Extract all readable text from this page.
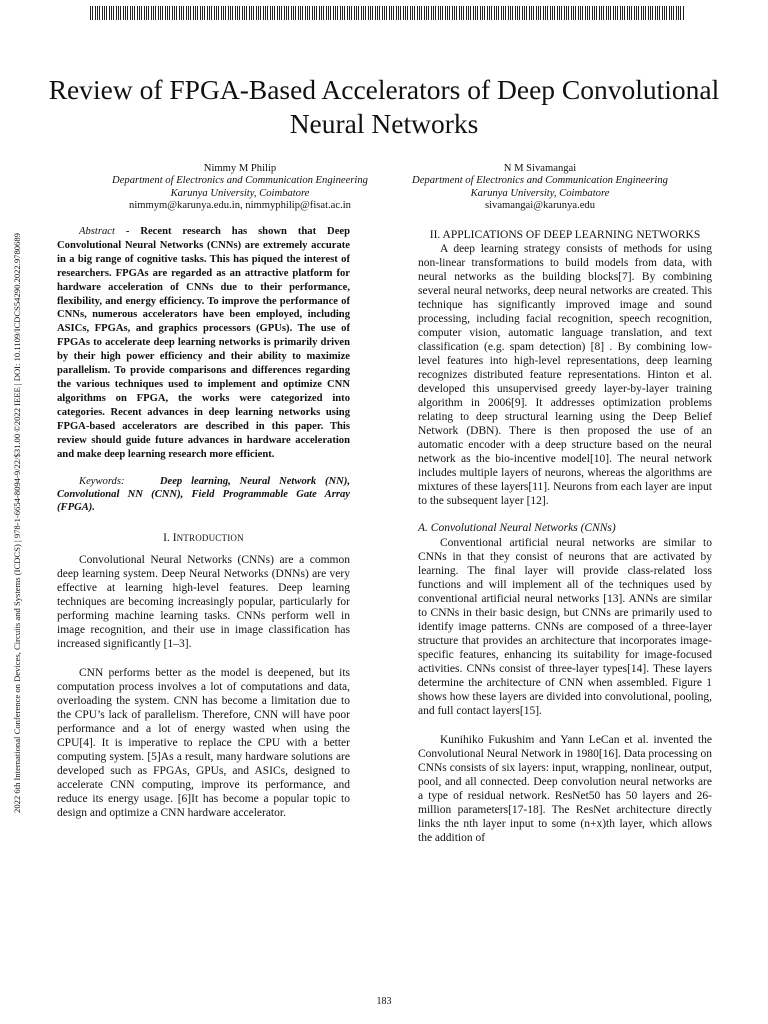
2022 6th International Conference on Devices, Circuits and Systems (ICDCS) | 978-1-6654-8094-9/22/$31.00 ©2022 IEEE | DOI: 10.1109/ICDCS54290.2022.9780689
Review of FPGA-Based Accelerators of Deep Convolutional Neural Networks
Nimmy M Philip
Department of Electronics and Communication Engineering
Karunya University, Coimbatore
nimmym@karunya.edu.in, nimmyphilip@fisat.ac.in
N M Sivamangai
Department of Electronics and Communication Engineering
Karunya University, Coimbatore
sivamangai@karunya.edu

Abstract - Recent research has shown that Deep Convolutional Neural Networks (CNNs) are extremely accurate in a big range of cognitive tasks. This has piqued the interest of researchers. FPGAs are regarded as an attractive platform for hardware acceleration of CNNs due to their performance, flexibility, and energy efficiency. To improve the performance of CNNs, numerous accelerators have been employed, including ASICs, FPGAs, and graphics processors (GPUs). The use of FPGAs to accelerate deep learning networks is primarily driven by their high power efficiency and their ability to maximize parallelism. To provide comparisons and differences regarding the various techniques used to implement and optimize CNN algorithms on FPGA, the works were categorized into categories. Recent advances in deep learning networks using FPGA-based accelerators are described in this paper. This review should guide future advances in hardware acceleration and make deep learning research more efficient.

Keywords:	Deep learning, Neural Network (NN), Convolutional NN (CNN), Field Programmable Gate Array (FPGA).

I. INTRODUCTION

Convolutional Neural Networks (CNNs) are a common deep learning system. Deep Neural Networks (DNNs) are very effective at learning high-level features. Deep learning techniques are becoming increasingly popular, particularly for performing machine learning tasks. CNNs perform well in image recognition, and their use in image classification has increased significantly [1–3].

CNN performs better as the model is deepened, but its computation process involves a lot of computations and data, overloading the system. CNN has become a limitation due to the CPU’s lack of parallelism. Therefore, CNN will have poor performance and a lot of energy wasted when using the CPU[4]. It is imperative to replace the CPU with a better computing system. [5]As a result, many hardware solutions are developed such as FPGAs, GPUs, and ASICs, designed to accelerate CNN computing, improve its performance, and reduce its energy usage. [6]It has become a popular topic to design and optimize a CNN hardware accelerator.

II. APPLICATIONS OF DEEP LEARNING NETWORKS

A deep learning strategy consists of methods for using non-linear transformations to build models from data, with neural networks as the building blocks[7]. By combining several neural networks, deep neural networks are created. This technique has significantly improved image and sound processing, including facial recognition, speech recognition, computer vision, automatic language translation, and text classification (e.g. spam detection) [8] . By combining low-level features into high-level representations, deep learning recognizes distributed feature representations. Hinton et al. developed this unsupervised greedy layer-by-layer training algorithm in 2006[9]. It addresses optimization problems relating to deep structural learning using the Deep Belief Network (DBN). There is then proposed the use of an automatic encoder with a deep structure based on the neural network as the bio-incentive model[10]. The neural network includes multiple layers of neurons, whereas the algorithms are mixtures of these layers[11]. Neurons from each layer are input to the subsequent layer [12].

A. Convolutional Neural Networks (CNNs)

Conventional artificial neural networks are similar to CNNs in that they consist of neurons that are activated by learning. The final layer will provide class-related loss functions and will implement all of the techniques used by conventional artificial neural networks [13]. ANNs are similar to CNNs in their basic design, but CNNs are primarily used to identify image patterns. CNNs are composed of a three-layer structure that provides an architecture that incorporates image-specific features, enhancing its suitability for image-focused activities. CNNs consist of three-layer types[14]. These layers determine the architecture of CNN when assembled. Figure 1 shows how these layers are divided into convolutional, pooling, and full contact layers[15].

Kunihiko Fukushim and Yann LeCan et al. invented the Convolutional Neural Network in 1980[16]. Data processing on CNNs consists of six layers: input, wrapping, nonlinear, output, pool, and all connected. Deep convolution neural networks are a type of residual network. ResNet50 has 50 layers and 26-million parameters[17-18]. The ResNet architecture directly links the nth layer input to some (n+x)th layer, which allows the addition of

183
